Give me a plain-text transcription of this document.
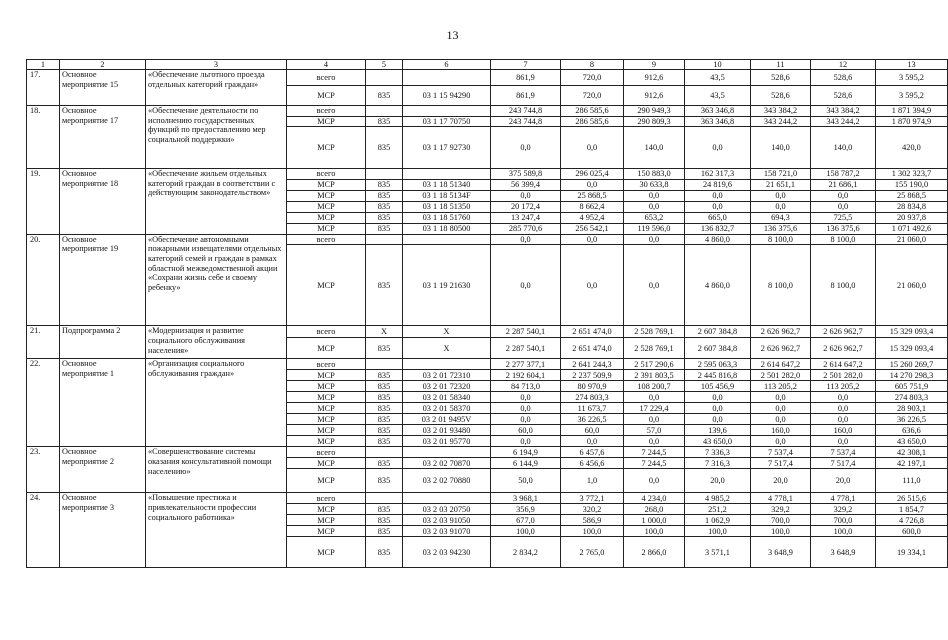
13
1	2	3	4	5	6	7	8	9	10	11	12	13
17.	Основное мероприятие 15	«Обеспечение льготного проезда отдельных категорий граждан»	всего			861,9	720,0	912,6	43,5	528,6	528,6	3 595,2
			МСР	835	03 1 15 94290	861,9	720,0	912,6	43,5	528,6	528,6	3 595,2
18.	Основное мероприятие 17	«Обеспечение деятельности по исполнению государственных функций по предоставлению мер социальной поддержки»	всего			243 744,8	286 585,6	290 949,3	363 346,8	343 384,2	343 384,2	1 871 394,9
			МСР	835	03 1 17 70750	243 744,8	286 585,6	290 809,3	363 346,8	343 244,2	343 244,2	1 870 974,9
			МСР	835	03 1 17 92730	0,0	0,0	140,0	0,0	140,0	140,0	420,0
19.	Основное мероприятие 18	«Обеспечение жильем отдельных категорий граждан в соответствии с действующим законодательством»	всего			375 589,8	296 025,4	150 883,0	162 317,3	158 721,0	158 787,2	1 302 323,7
			МСР	835	03 1 18 51340	56 399,4	0,0	30 633,8	24 819,6	21 651,1	21 686,1	155 190,0
			МСР	835	03 1 18 5134F	0,0	25 868,5	0,0	0,0	0,0	0,0	25 868,5
			МСР	835	03 1 18 51350	20 172,4	8 662,4	0,0	0,0	0,0	0,0	28 834,8
			МСР	835	03 1 18 51760	13 247,4	4 952,4	653,2	665,0	694,3	725,5	20 937,8
			МСР	835	03 1 18 80500	285 770,6	256 542,1	119 596,0	136 832,7	136 375,6	136 375,6	1 071 492,6
20.	Основное мероприятие 19	«Обеспечение автономными пожарными извещателями отдельных категорий семей и граждан в рамках областной межведомственной акции «Сохрани жизнь себе и своему ребенку»	всего			0,0	0,0	0,0	4 860,0	8 100,0	8 100,0	21 060,0
			МСР	835	03 1 19 21630	0,0	0,0	0,0	4 860,0	8 100,0	8 100,0	21 060,0
21.	Подпрограмма 2	«Модернизация и развитие социального обслуживания населения»	всего	X	X	2 287 540,1	2 651 474,0	2 528 769,1	2 607 384,8	2 626 962,7	2 626 962,7	15 329 093,4
			МСР	835	X	2 287 540,1	2 651 474,0	2 528 769,1	2 607 384,8	2 626 962,7	2 626 962,7	15 329 093,4
22.	Основное мероприятие 1	«Организация социального обслуживания граждан»	всего			2 277 377,1	2 641 244,3	2 517 290,6	2 595 063,3	2 614 647,2	2 614 647,2	15 260 269,7
			МСР	835	03 2 01 72310	2 192 604,1	2 237 509,9	2 391 803,5	2 445 816,8	2 501 282,0	2 501 282,0	14 270 298,3
			МСР	835	03 2 01 72320	84 713,0	80 970,9	108 200,7	105 456,9	113 205,2	113 205,2	605 751,9
			МСР	835	03 2 01 58340	0,0	274 803,3	0,0	0,0	0,0	0,0	274 803,3
			МСР	835	03 2 01 58370	0,0	11 673,7	17 229,4	0,0	0,0	0,0	28 903,1
			МСР	835	03 2 01 9495V	0,0	36 226,5	0,0	0,0	0,0	0,0	36 226,5
			МСР	835	03 2 01 93480	60,0	60,0	57,0	139,6	160,0	160,0	636,6
			МСР	835	03 2 01 95770	0,0	0,0	0,0	43 650,0	0,0	0,0	43 650,0
23.	Основное мероприятие 2	«Совершенствование системы оказания консультативной помощи населению»	всего			6 194,9	6 457,6	7 244,5	7 336,3	7 537,4	7 537,4	42 308,1
			МСР	835	03 2 02 70870	6 144,9	6 456,6	7 244,5	7 316,3	7 517,4	7 517,4	42 197,1
			МСР	835	03 2 02 70880	50,0	1,0	0,0	20,0	20,0	20,0	111,0
24.	Основное мероприятие 3	«Повышение престижа и привлекательности профессии социального работника»	всего			3 968,1	3 772,1	4 234,0	4 985,2	4 778,1	4 778,1	26 515,6
			МСР	835	03 2 03 20750	356,9	320,2	268,0	251,2	329,2	329,2	1 854,7
			МСР	835	03 2 03 91050	677,0	586,9	1 000,0	1 062,9	700,0	700,0	4 726,8
			МСР	835	03 2 03 91070	100,0	100,0	100,0	100,0	100,0	100,0	600,0
			МСР	835	03 2 03 94230	2 834,2	2 765,0	2 866,0	3 571,1	3 648,9	3 648,9	19 334,1
